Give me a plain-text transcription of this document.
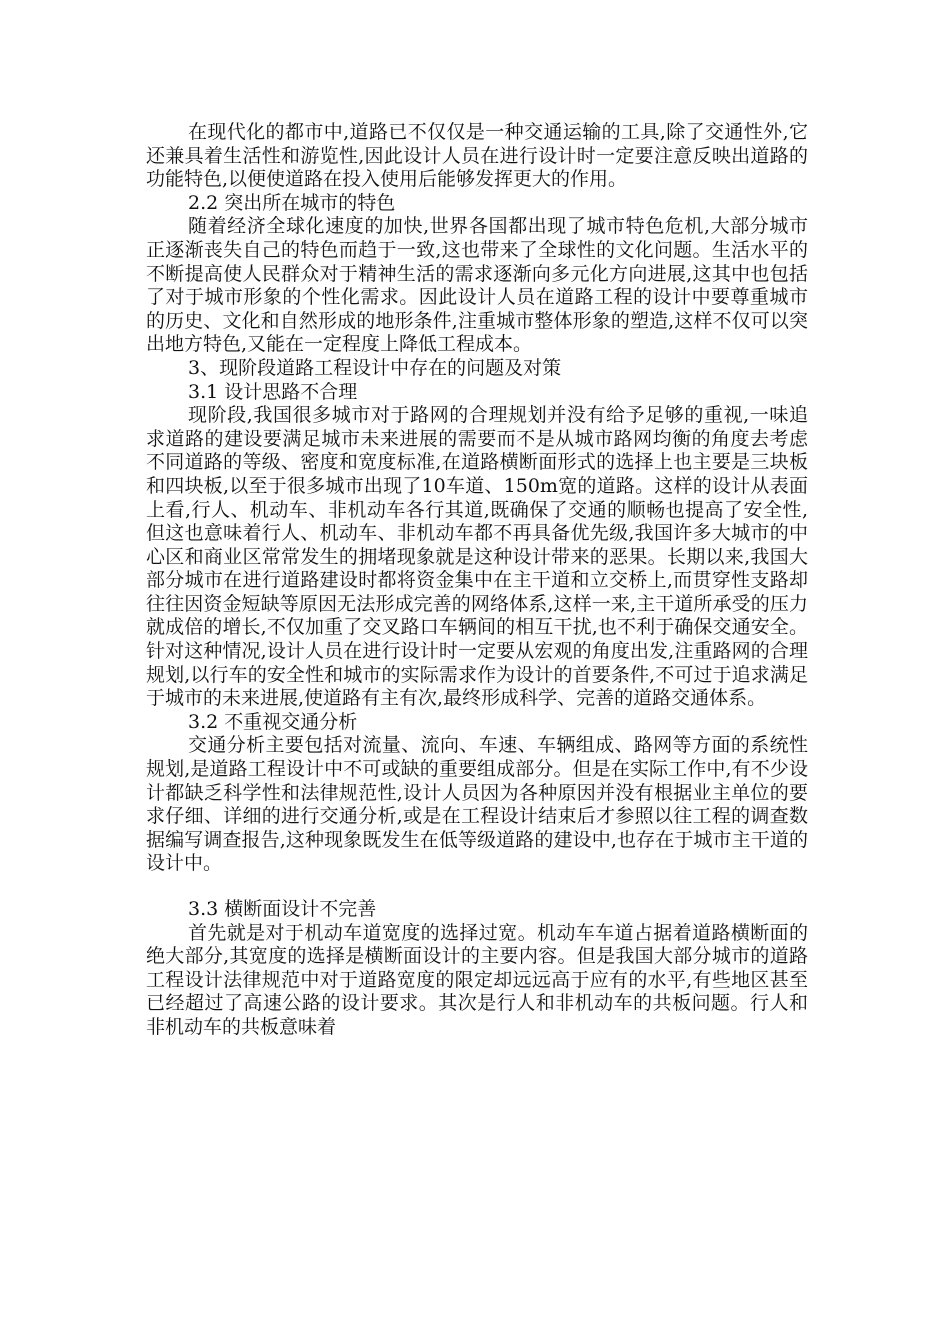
在现代化的都市中,道路已不仅仅是一种交通运输的工具,除了交通性外,它还兼具着生活性和游览性,因此设计人员在进行设计时一定要注意反映出道路的功能特色,以便使道路在投入使用后能够发挥更大的作用。

2.2 突出所在城市的特色

随着经济全球化速度的加快,世界各国都出现了城市特色危机,大部分城市正逐渐丧失自己的特色而趋于一致,这也带来了全球性的文化问题。生活水平的不断提高使人民群众对于精神生活的需求逐渐向多元化方向进展,这其中也包括了对于城市形象的个性化需求。因此设计人员在道路工程的设计中要尊重城市的历史、文化和自然形成的地形条件,注重城市整体形象的塑造,这样不仅可以突出地方特色,又能在一定程度上降低工程成本。

3、现阶段道路工程设计中存在的问题及对策

3.1 设计思路不合理

现阶段,我国很多城市对于路网的合理规划并没有给予足够的重视,一味追求道路的建设要满足城市未来进展的需要而不是从城市路网均衡的角度去考虑不同道路的等级、密度和宽度标准,在道路横断面形式的选择上也主要是三块板和四块板,以至于很多城市出现了10车道、150m宽的道路。这样的设计从表面上看,行人、机动车、非机动车各行其道,既确保了交通的顺畅也提高了安全性,但这也意味着行人、机动车、非机动车都不再具备优先级,我国许多大城市的中心区和商业区常常发生的拥堵现象就是这种设计带来的恶果。长期以来,我国大部分城市在进行道路建设时都将资金集中在主干道和立交桥上,而贯穿性支路却往往因资金短缺等原因无法形成完善的网络体系,这样一来,主干道所承受的压力就成倍的增长,不仅加重了交叉路口车辆间的相互干扰,也不利于确保交通安全。针对这种情况,设计人员在进行设计时一定要从宏观的角度出发,注重路网的合理规划,以行车的安全性和城市的实际需求作为设计的首要条件,不可过于追求满足于城市的未来进展,使道路有主有次,最终形成科学、完善的道路交通体系。

3.2 不重视交通分析

交通分析主要包括对流量、流向、车速、车辆组成、路网等方面的系统性规划,是道路工程设计中不可或缺的重要组成部分。但是在实际工作中,有不少设计都缺乏科学性和法律规范性,设计人员因为各种原因并没有根据业主单位的要求仔细、详细的进行交通分析,或是在工程设计结束后才参照以往工程的调查数据编写调查报告,这种现象既发生在低等级道路的建设中,也存在于城市主干道的设计中。

3.3 横断面设计不完善

首先就是对于机动车道宽度的选择过宽。机动车车道占据着道路横断面的绝大部分,其宽度的选择是横断面设计的主要内容。但是我国大部分城市的道路工程设计法律规范中对于道路宽度的限定却远远高于应有的水平,有些地区甚至已经超过了高速公路的设计要求。其次是行人和非机动车的共板问题。行人和非机动车的共板意味着
